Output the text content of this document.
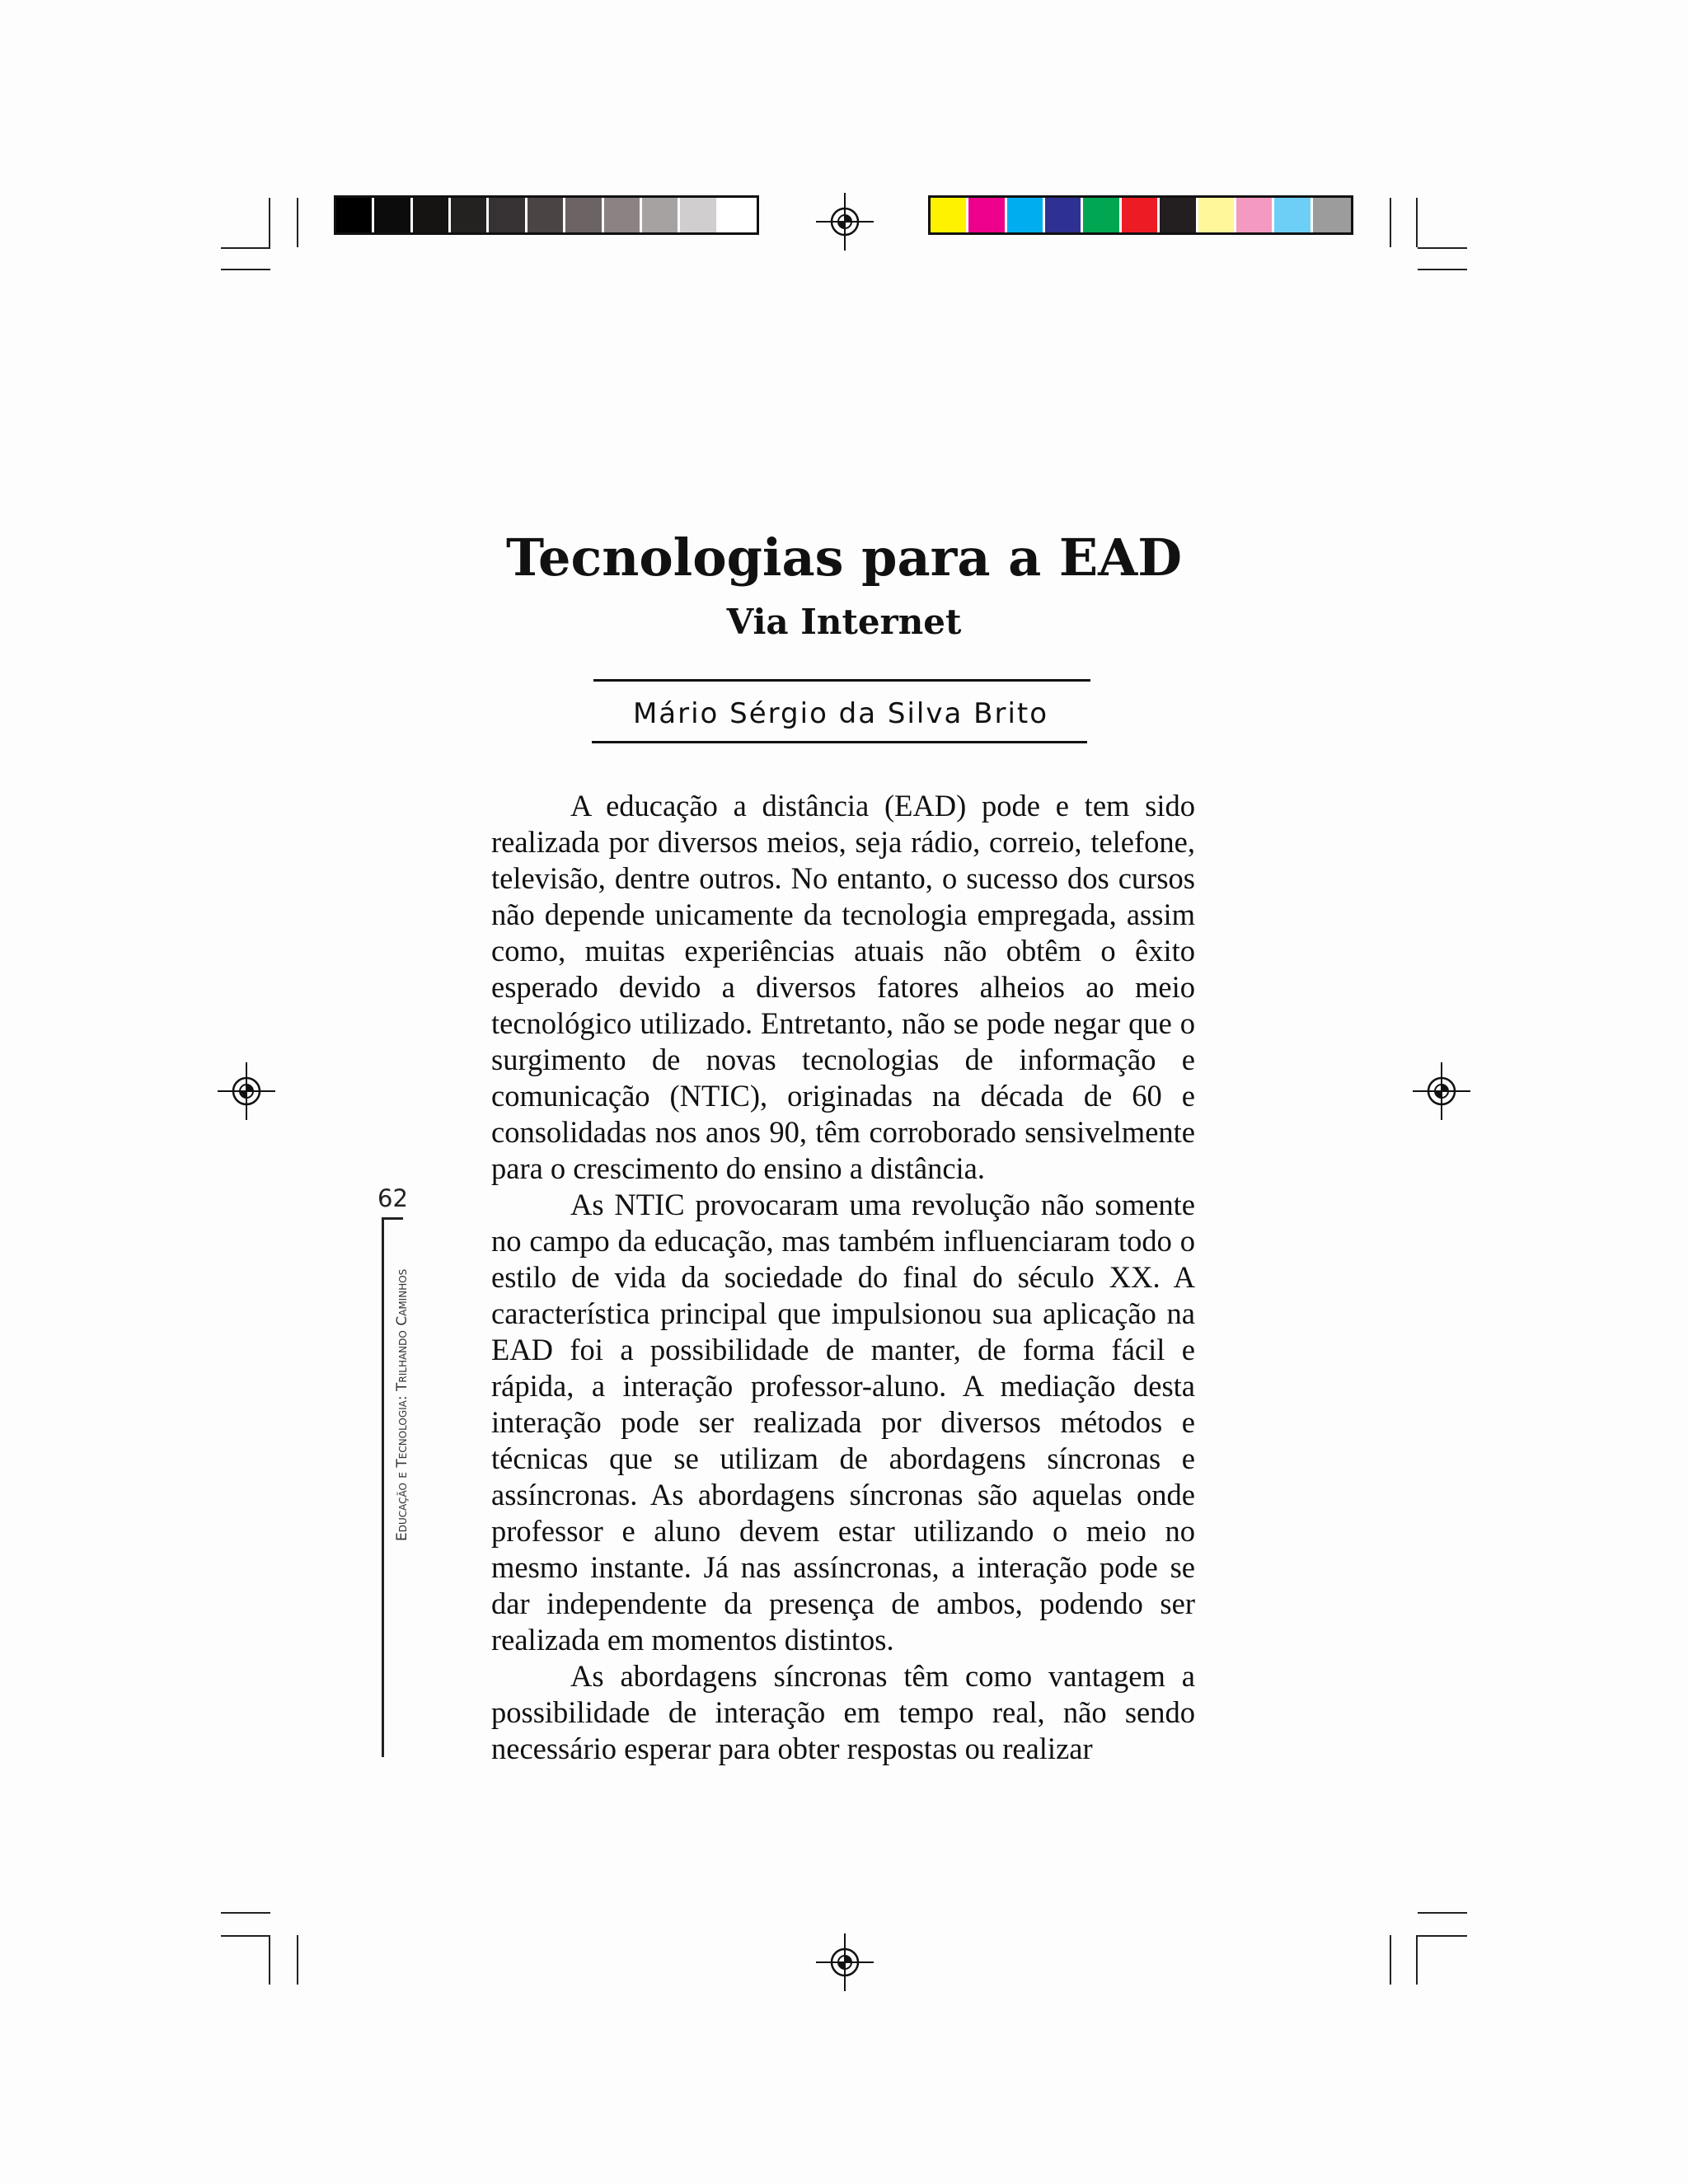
Tecnologias para a EAD
Via Internet
Mário Sérgio da Silva Brito
62
Educação e Tecnologia: Trilhando Caminhos

A educação a distância (EAD) pode e tem sido realizada por diversos meios, seja rádio, correio, telefone, televisão, dentre outros. No entanto, o sucesso dos cursos não depende unicamente da tecnologia empregada, assim como, muitas experiências atuais não obtêm o êxito esperado devido a diversos fatores alheios ao meio tecnológico utilizado. Entretanto, não se pode negar que o surgimento de novas tecnologias de informação e comunicação (NTIC), originadas na década de 60 e consolidadas nos anos 90, têm corroborado sensivelmente para o crescimento do ensino a distância.

As NTIC provocaram uma revolução não somente no campo da educação, mas também influenciaram todo o estilo de vida da sociedade do final do século XX. A característica principal que impulsionou sua aplicação na EAD foi a possibilidade de manter, de forma fácil e rápida, a interação professor-aluno. A mediação desta interação pode ser realizada por diversos métodos e técnicas que se utilizam de abordagens síncronas e assíncronas. As abordagens síncronas são aquelas onde professor e aluno devem estar utilizando o meio no mesmo instante. Já nas assíncronas, a interação pode se dar independente da presença de ambos, podendo ser realizada em momentos distintos.

As abordagens síncronas têm como vantagem a possibilidade de interação em tempo real, não sendo necessário esperar para obter respostas ou realizar
